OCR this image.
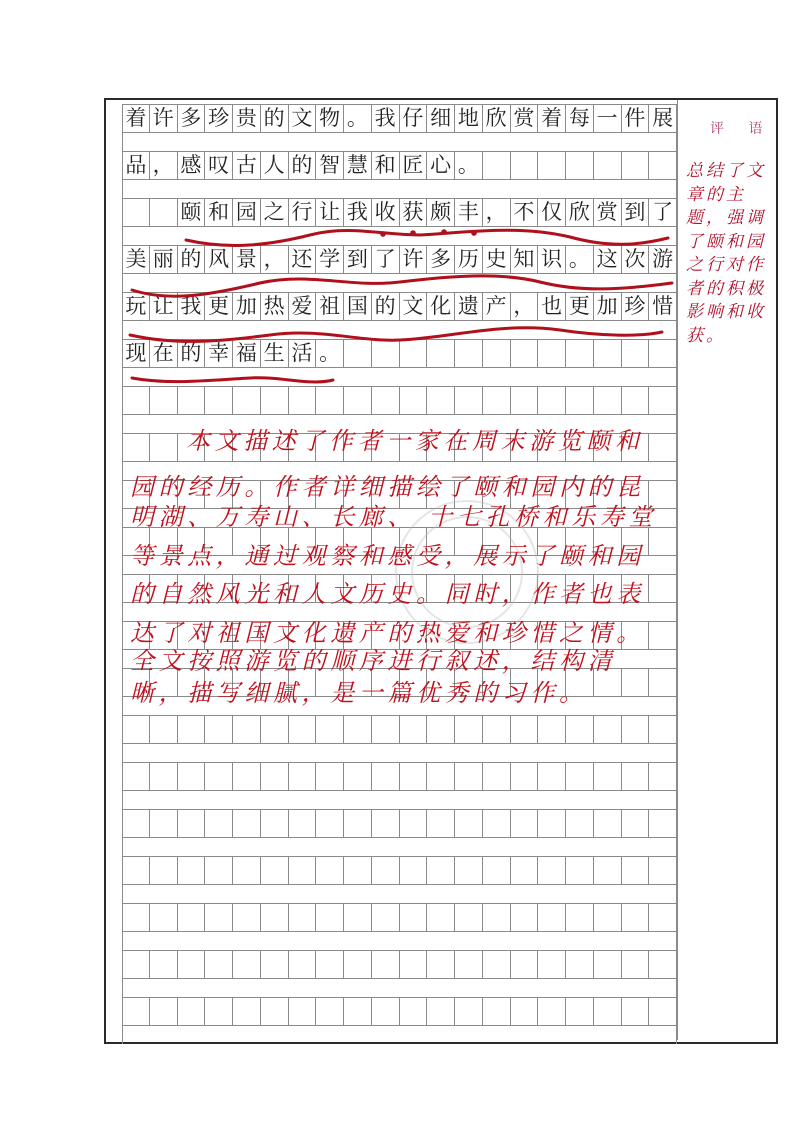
着 许 多 珍 贵 的 文 物 。 我 仔 细 地 欣 赏 着 每 一 件 展
品 ， 感 叹 古 人 的 智 慧 和 匠 心 。
颐 和 园 之 行 让 我 收 获 颇 丰 ， 不 仅 欣 赏 到 了
美 丽 的 风 景 ， 还 学 到 了 许 多 历 史 知 识 。 这 次 游
玩 让 我 更 加 热 爱 祖 国 的 文 化 遗 产 ， 也 更 加 珍 惜
现 在 的 幸 福 生 活 。
评 语
总结了文章的主题，强调了颐和园之行对作者的积极影响和收获。
本文描述了作者一家在周末游览颐和
园的经历。作者详细描绘了颐和园内的昆
明湖、万寿山、长廊、 十七孔桥和乐寿堂
等景点，通过观察和感受，展示了颐和园
的自然风光和人文历史。同时，作者也表
达了对祖国文化遗产的热爱和珍惜之情。
全文按照游览的顺序进行叙述，结构清
晰，描写细腻，是一篇优秀的习作。
